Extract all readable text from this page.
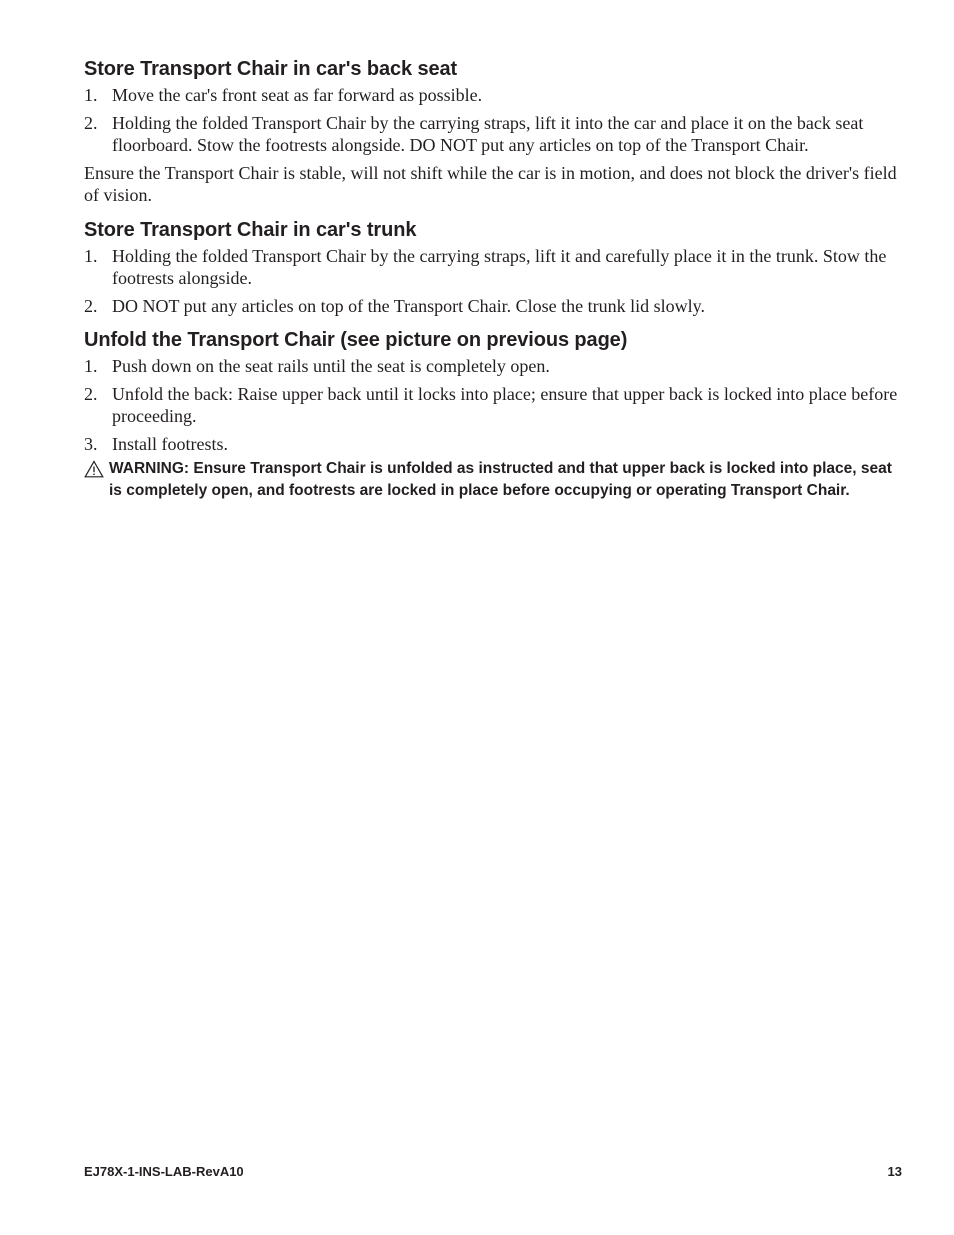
Store Transport Chair in car's back seat
1. Move the car's front seat as far forward as possible.
2. Holding the folded Transport Chair by the carrying straps, lift it into the car and place it on the back seat floorboard. Stow the footrests alongside. DO NOT put any articles on top of the Transport Chair.

Ensure the Transport Chair is stable, will not shift while the car is in motion, and does not block the driver's field of vision.

Store Transport Chair in car's trunk
1. Holding the folded Transport Chair by the carrying straps, lift it and carefully place it in the trunk. Stow the footrests alongside.
2. DO NOT put any articles on top of the Transport Chair. Close the trunk lid slowly.
Unfold the Transport Chair (see picture on previous page)
1. Push down on the seat rails until the seat is completely open.
2. Unfold the back: Raise upper back until it locks into place; ensure that upper back is locked into place before proceeding.
3. Install footrests.
WARNING: Ensure Transport Chair is unfolded as instructed and that upper back is locked into place, seat is completely open, and footrests are locked in place before occupying or operating Transport Chair.
EJ78X-1-INS-LAB-RevA10	13
